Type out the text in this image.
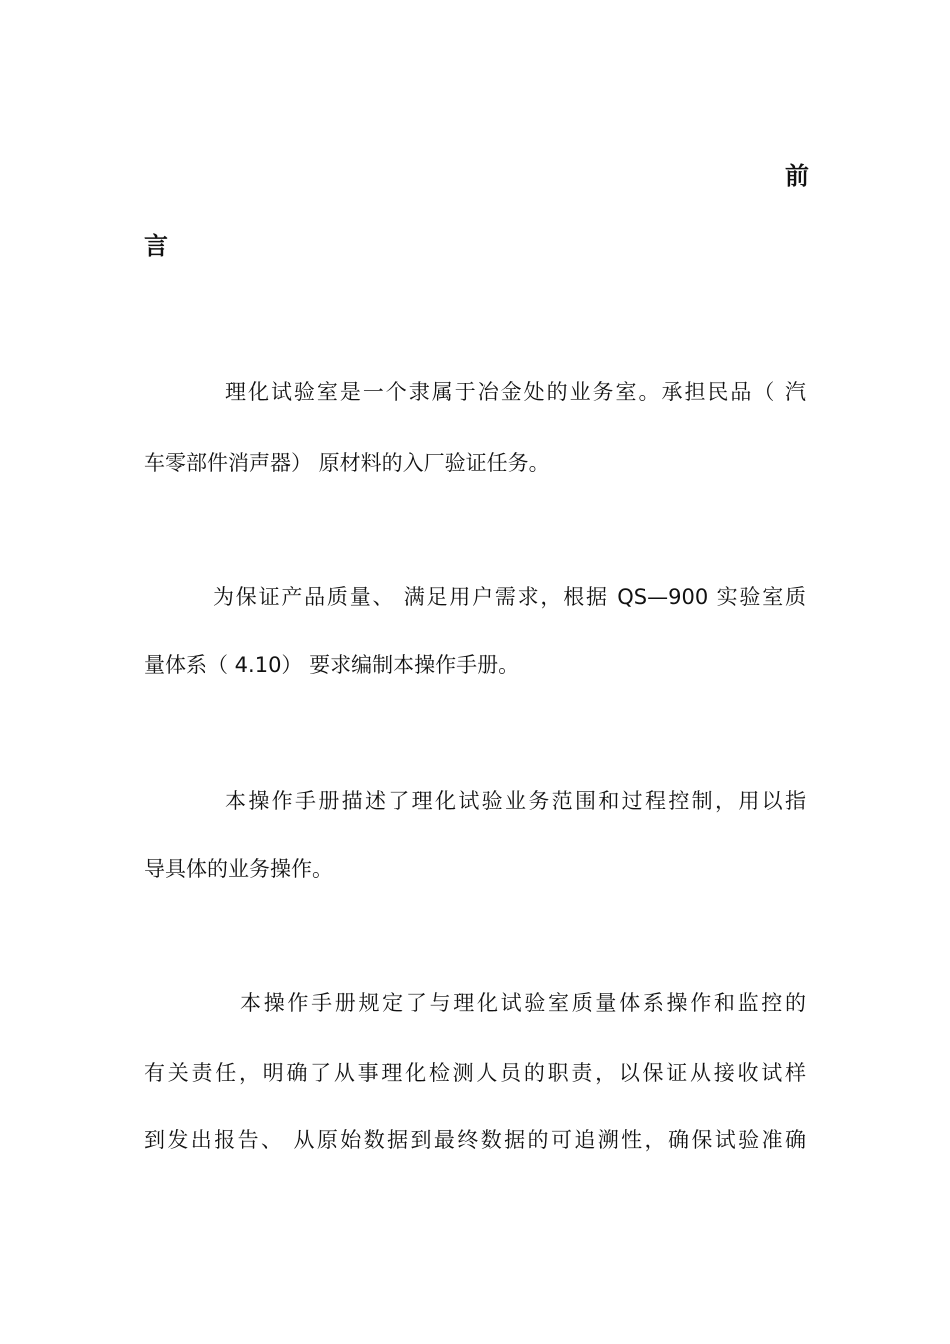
前
言
理化试验室是一个隶属于冶金处的业务室。承担民品（ 汽
车零部件消声器） 原材料的入厂验证任务。
为保证产品质量、 满足用户需求，根据 QS—900 实验室质
量体系（ 4.10） 要求编制本操作手册。
本操作手册描述了理化试验业务范围和过程控制，用以指
导具体的业务操作。
本操作手册规定了与理化试验室质量体系操作和监控的
有关责任，明确了从事理化检测人员的职责，以保证从接收试样
到发出报告、 从原始数据到最终数据的可追溯性，确保试验准确
